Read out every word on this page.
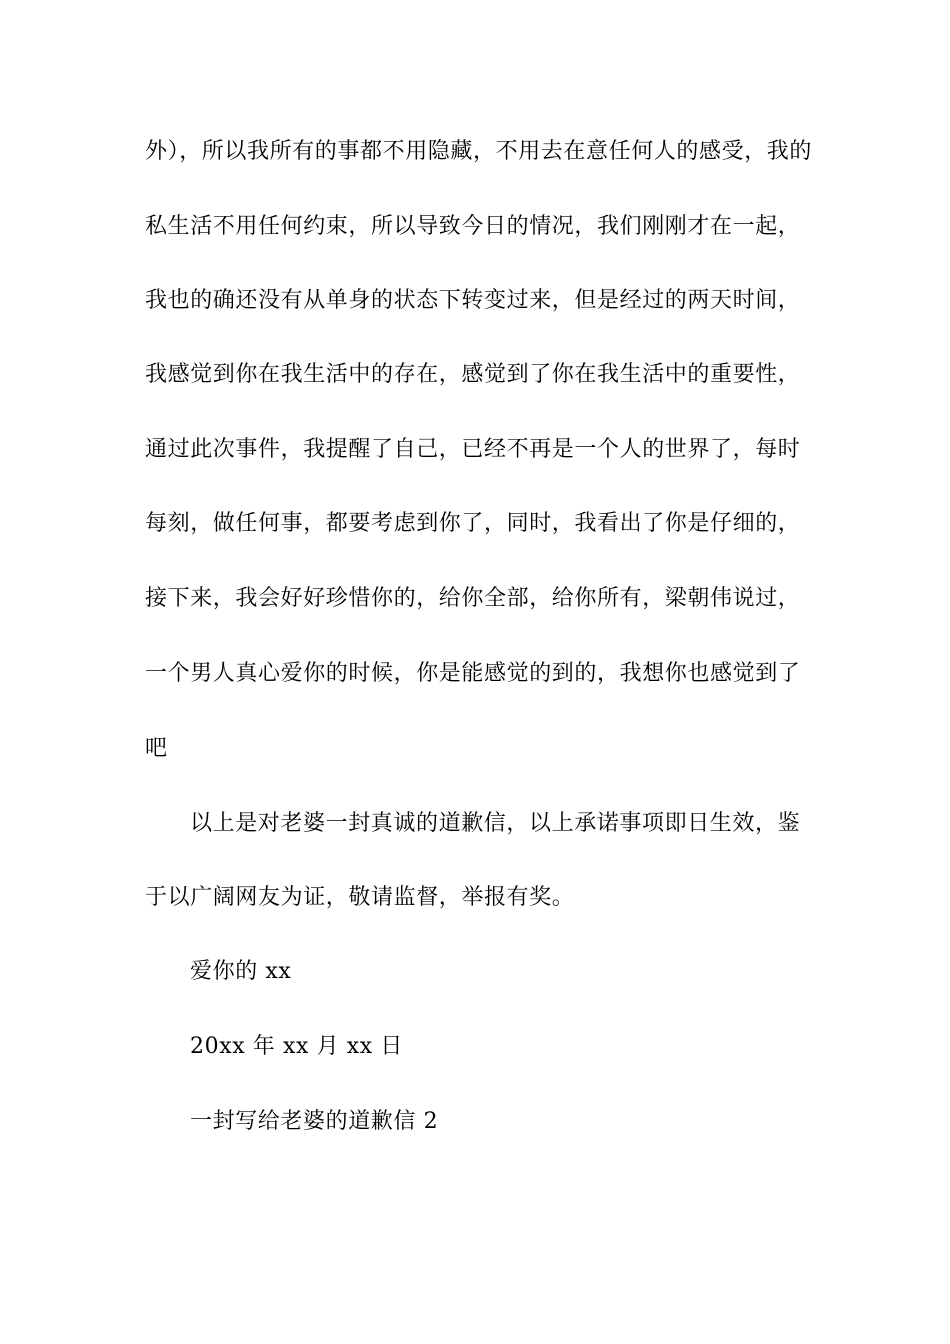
外），所以我所有的事都不用隐藏，不用去在意任何人的感受，我的
私生活不用任何约束，所以导致今日的情况，我们刚刚才在一起，
我也的确还没有从单身的状态下转变过来，但是经过的两天时间，
我感觉到你在我生活中的存在，感觉到了你在我生活中的重要性，
通过此次事件，我提醒了自己，已经不再是一个人的世界了，每时
每刻，做任何事，都要考虑到你了，同时，我看出了你是仔细的，
接下来，我会好好珍惜你的，给你全部，给你所有，梁朝伟说过，
一个男人真心爱你的时候，你是能感觉的到的，我想你也感觉到了
吧
以上是对老婆一封真诚的道歉信，以上承诺事项即日生效，鉴
于以广阔网友为证，敬请监督，举报有奖。
爱你的 xx
20xx 年 xx 月 xx 日
一封写给老婆的道歉信 2
